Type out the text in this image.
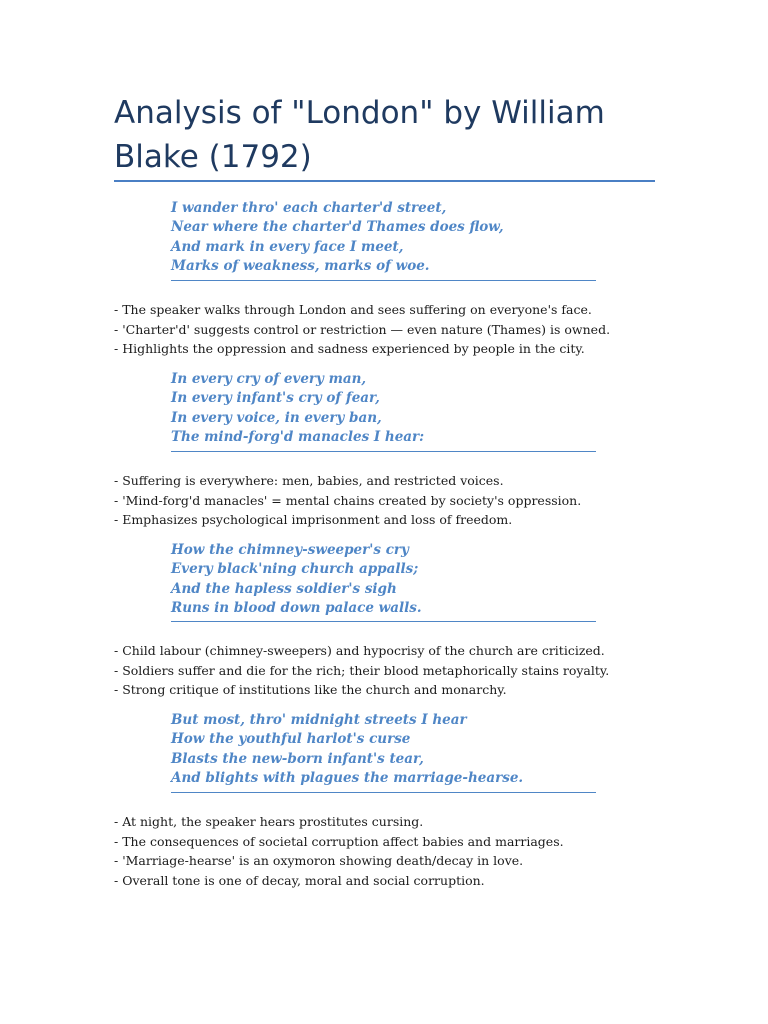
Analysis of "London" by William Blake (1792)
I wander thro' each charter'd street,
Near where the charter'd Thames does flow,
And mark in every face I meet,
Marks of weakness, marks of woe.
- The speaker walks through London and sees suffering on everyone's face.
- 'Charter'd' suggests control or restriction — even nature (Thames) is owned.
- Highlights the oppression and sadness experienced by people in the city.
In every cry of every man,
In every infant's cry of fear,
In every voice, in every ban,
The mind-forg'd manacles I hear:
- Suffering is everywhere: men, babies, and restricted voices.
- 'Mind-forg'd manacles' = mental chains created by society's oppression.
- Emphasizes psychological imprisonment and loss of freedom.
How the chimney-sweeper's cry
Every black'ning church appalls;
And the hapless soldier's sigh
Runs in blood down palace walls.
- Child labour (chimney-sweepers) and hypocrisy of the church are criticized.
- Soldiers suffer and die for the rich; their blood metaphorically stains royalty.
- Strong critique of institutions like the church and monarchy.
But most, thro' midnight streets I hear
How the youthful harlot's curse
Blasts the new-born infant's tear,
And blights with plagues the marriage-hearse.
- At night, the speaker hears prostitutes cursing.
- The consequences of societal corruption affect babies and marriages.
- 'Marriage-hearse' is an oxymoron showing death/decay in love.
- Overall tone is one of decay, moral and social corruption.
